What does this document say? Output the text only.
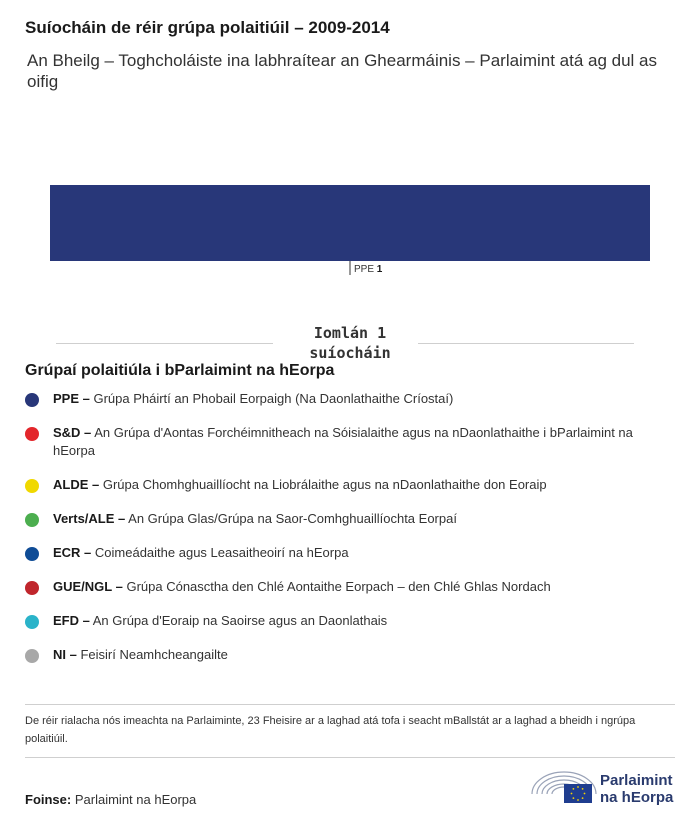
Suíocháin de réir grúpa polaitiúil – 2009-2014
An Bheilg – Toghcholáiste ina labhraítear an Ghearmáinis – Parlaimint atá ag dul as oifig
PPE 1
Iomlán 1 suíocháin
Grúpaí polaitiúla i bParlaimint na hEorpa
PPE – Grúpa Pháirtí an Phobail Eorpaigh (Na Daonlathaithe Críostaí)
S&D – An Grúpa d'Aontas Forchéimnitheach na Sóisialaithe agus na nDaonlathaithe i bParlaimint na hEorpa
ALDE – Grúpa Chomhghuaillíocht na Liobrálaithe agus na nDaonlathaithe don Eoraip
Verts/ALE – An Grúpa Glas/Grúpa na Saor-Comhghuaillíochta Eorpaí
ECR – Coimeádaithe agus Leasaitheoirí na hEorpa
GUE/NGL – Grúpa Cónasctha den Chlé Aontaithe Eorpach – den Chlé Ghlas Nordach
EFD – An Grúpa d'Eoraip na Saoirse agus an Daonlathais
NI – Feisirí Neamhcheangailte
De réir rialacha nós imeachta na Parlaiminte, 23 Fheisire ar a laghad atá tofa i seacht mBallstát ar a laghad a bheidh i ngrúpa polaitiúil.
Foinse: Parlaimint na hEorpa
Parlaimint
na hEorpa
